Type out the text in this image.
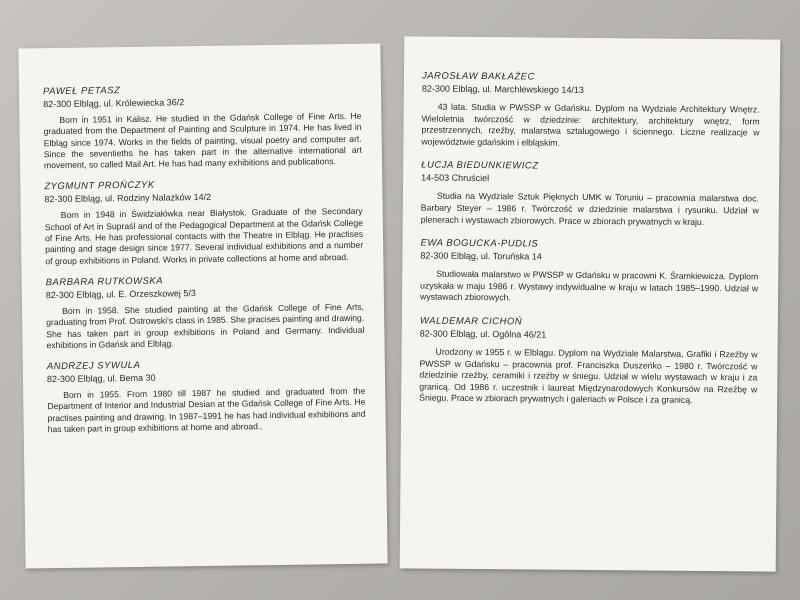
PAWEŁ PETASZ

82-300 Elbląg, ul. Królewiecka 36/2

Born in 1951 in Kalisz. He studied in the Gdańsk College of Fine Arts. He graduated from the Department of Painting and Sculpture in 1974. He has lived in Elbląg since 1974. Works in the fields of painting, visual poetry and computer art. Since the seventieths he has taken part in the alternative international art movement, so called Mail Art. He has had many exhibitions and publications.

ZYGMUNT PROŃCZYK

82-300 Elbląg, ul. Rodziny Nalazków 14/2

Born in 1948 in Świdziałówka near Białystok. Graduate of the Secondary School of Art in Supraśl and of the Pedagogical Department at the Gdańsk College of Fine Arts. He has professional contacts with the Theatre in Elbląg. He practises painting and stage design since 1977. Several individual exhibitions and a number of group exhibitions in Poland. Works in private collections at home and abroad.

BARBARA RUTKOWSKA

82-300 Elbląg, ul. E. Orzeszkowej 5/3

Born in 1958. She studied painting at the Gdańsk College of Fine Arts, graduating from Prof. Ostrowski's class in 1985. She pracises painting and drawing. She has taken part in group exhibitions in Poland and Germany. Individual exhibitions in Gdańsk and Elbląg.

ANDRZEJ SYWULA

82-300 Elbląg, ul. Bema 30

Born in 1955. From 1980 till 1987 he studied and graduated from the Department of Interior and Industrial Desian at the Gdańsk College of Fine Arts. He practises painting and drawing. In 1987–1991 he has had individual exhibitions and has taken part in group exhibitions at home and abroad..

JAROSŁAW BAKŁAŻEC

82-300 Elbląg, ul. Marchlewskiego 14/13

43 lata. Studia w PWSSP w Gdańsku. Dyplom na Wydziale Architektury Wnętrz. Wieloletnia twórczość w dziedzinie: architektury, architektury wnętrz, form przestrzennych, rzeźby, malarstwa sztalugowego i ściennego. Liczne realizacje w województwie gdańskim i elbląskim.

ŁUCJA BIEDUNKIEWICZ

14-503 Chruściel

Studia na Wydziale Sztuk Pięknych UMK w Toruniu – pracownia malarstwa doc. Barbary Steyer – 1986 r. Twórczość w dziedzinie malarstwa i rysunku. Udział w plenerach i wystawach zbiorowych. Prace w zbiorach prywatnych w kraju.

EWA BOGUCKA-PUDLIS

82-300 Elbląg, ul. Toruńska 14

Studiowała malarstwo w PWSSP w Gdańsku w pracowni K. Śramkiewicza. Dyplom uzyskała w maju 1986 r. Wystawy indywidualne w kraju w latach 1985–1990. Udział w wystawach zbiorowych.

WALDEMAR CICHOŃ

82-300 Elbląg, ul. Ogólna 46/21

Urodzony w 1955 r. w Elblągu. Dyplom na Wydziale Malarstwa, Grafiki i Rzeźby w PWSSP w Gdańsku – pracownia prof. Franciszka Duszeńko – 1980 r. Twórczość w dziedzinie rzeźby, ceramiki i rzeźby w śniegu. Udział w wielu wystawach w kraju i za granicą. Od 1986 r. uczestnik i laureat Międzynarodowych Konkursów na Rzeźbę w Śniegu. Prace w zbiorach prywatnych i galeriach w Polsce i za granicą.
